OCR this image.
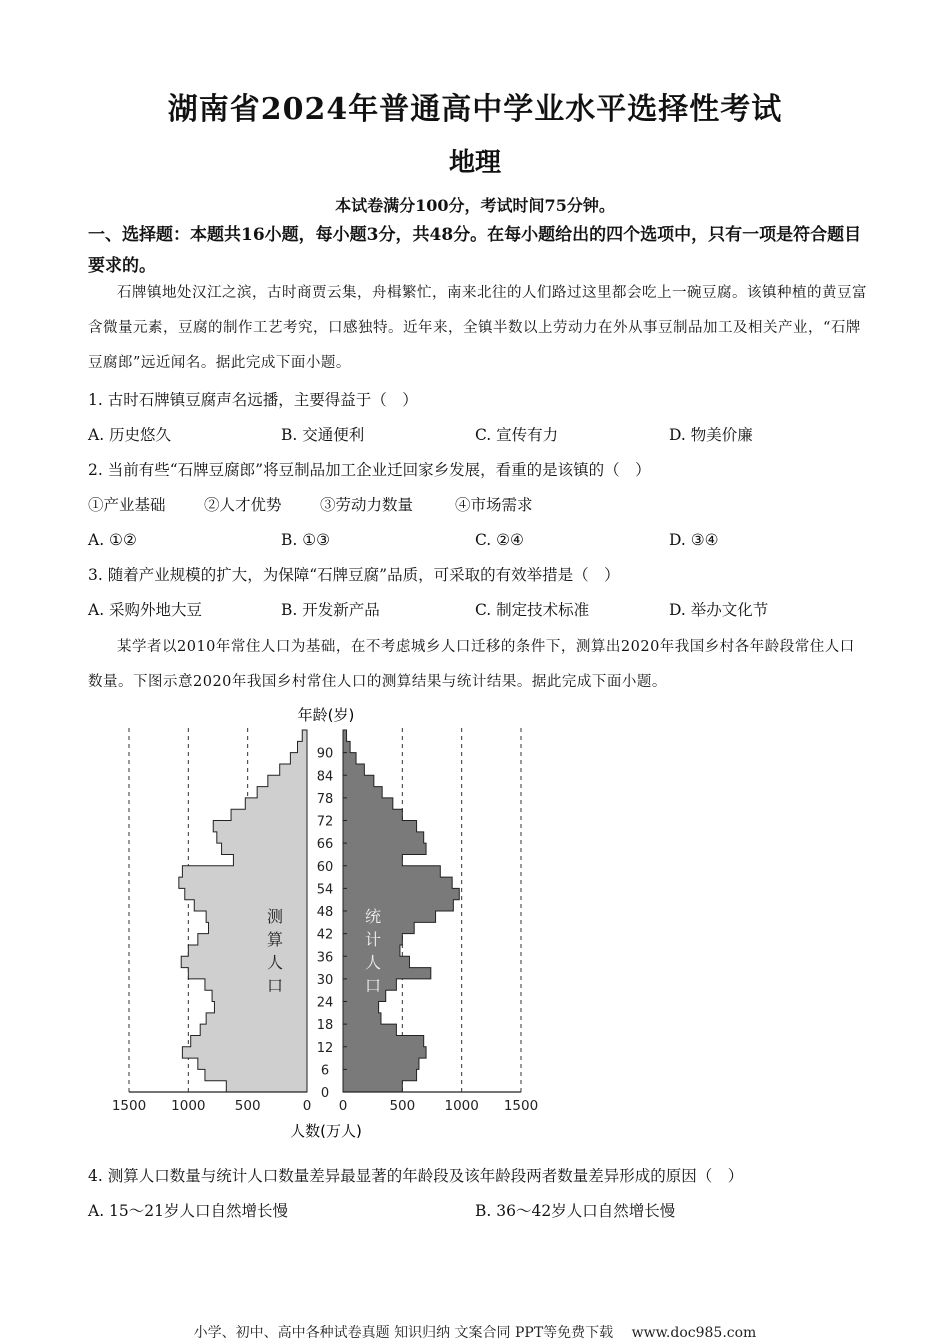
湖南省2024年普通高中学业水平选择性考试
地理
本试卷满分100分，考试时间75分钟。
一、选择题：本题共16小题，每小题3分，共48分。在每小题给出的四个选项中，只有一项是符合题目要求的。
石牌镇地处汉江之滨，古时商贾云集，舟楫繁忙，南来北往的人们路过这里都会吃上一碗豆腐。该镇种植的黄豆富含微量元素，豆腐的制作工艺考究，口感独特。近年来，全镇半数以上劳动力在外从事豆制品加工及相关产业，“石牌豆腐郎”远近闻名。据此完成下面小题。
1. 古时石牌镇豆腐声名远播，主要得益于（　）
A. 历史悠久	B. 交通便利	C. 宣传有力	D. 物美价廉
2. 当前有些“石牌豆腐郎”将豆制品加工企业迁回家乡发展，看重的是该镇的（　）
①产业基础 ②人才优势 ③劳动力数量	④市场需求
A. ①②	B. ①③	C. ②④	D. ③④
3. 随着产业规模的扩大，为保障“石牌豆腐”品质，可采取的有效举措是（　）
A. 采购外地大豆	B. 开发新产品	C. 制定技术标准	D. 举办文化节
某学者以2010年常住人口为基础，在不考虑城乡人口迁移的条件下，测算出2020年我国乡村各年龄段常住人口数量。下图示意2020年我国乡村常住人口的测算结果与统计结果。据此完成下面小题。
0
6
12
18
24
30
36
42
48
54
60
66
72
78
84
90
1500 1000 500	0 0	500 1000 1500
测
算
人
口
统
计
人
口
年龄(岁)
人数(万人)
4. 测算人口数量与统计人口数量差异最显著的年龄段及该年龄段两者数量差异形成的原因（　）
A. 15～21岁人口自然增长慢	B. 36～42岁人口自然增长慢
小学、初中、高中各种试卷真题 知识归纳 文案合同 PPT等免费下载　 www.doc985.com
